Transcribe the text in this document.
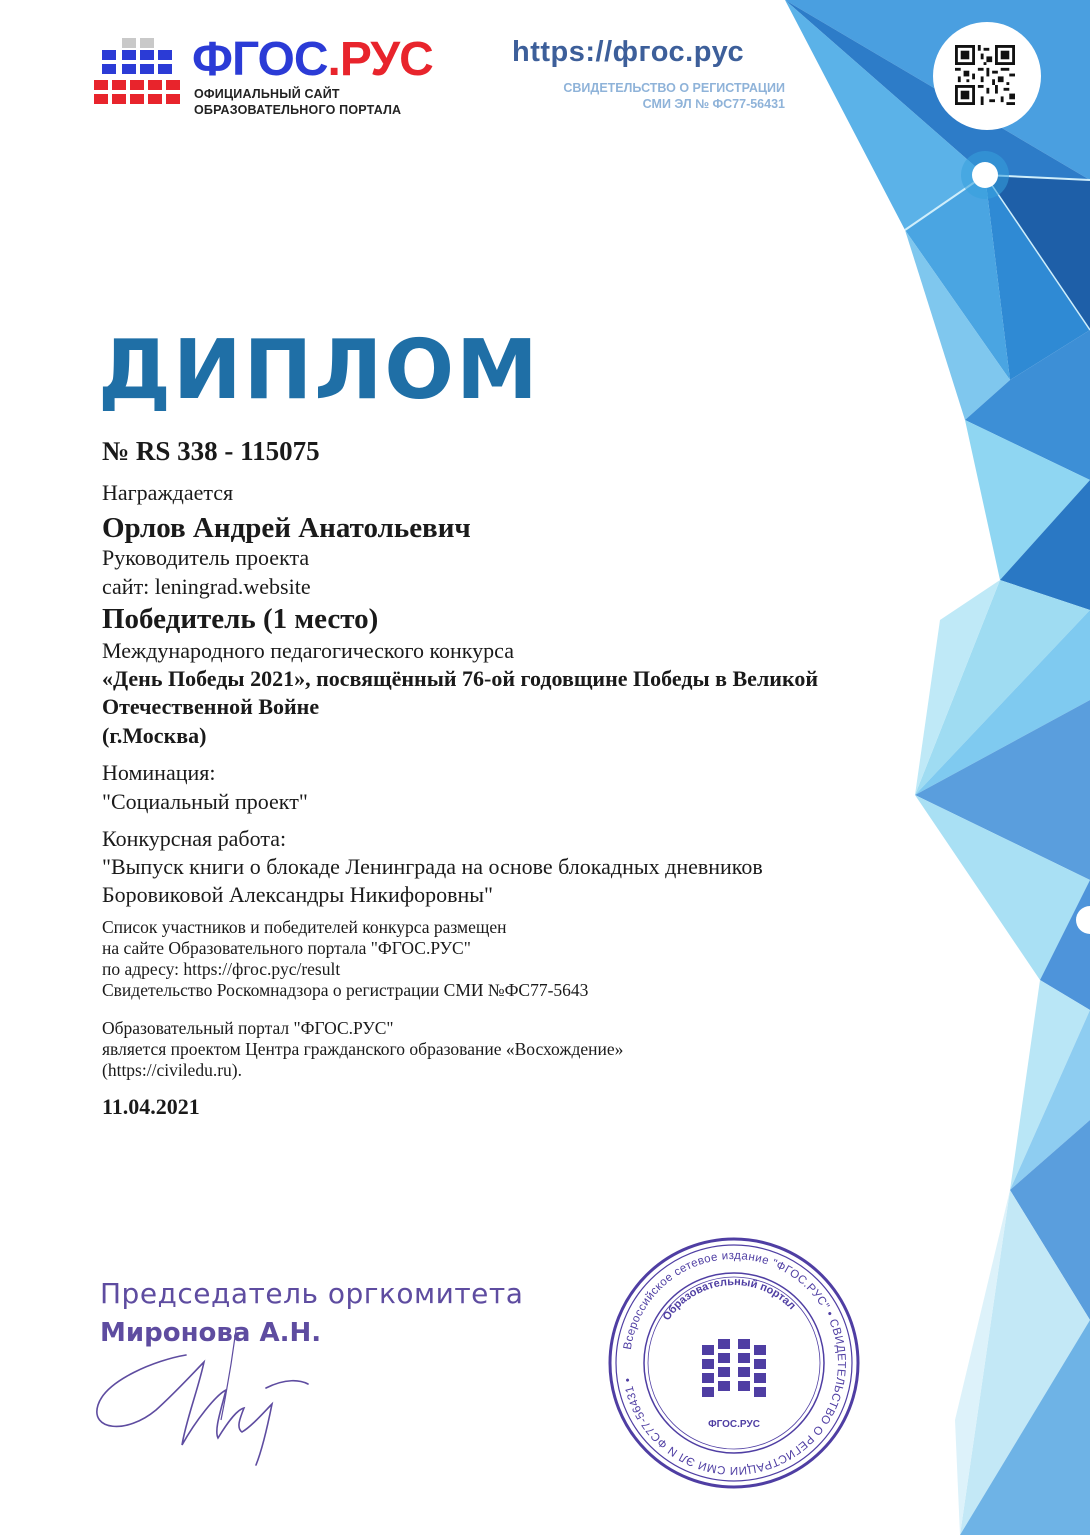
ФГОС.РУС
ОФИЦИАЛЬНЫЙ САЙТ
ОБРАЗОВАТЕЛЬНОГО ПОРТАЛА
https://фгос.рус
СВИДЕТЕЛЬСТВО О РЕГИСТРАЦИИ
СМИ ЭЛ № ФС77-56431
ДИПЛОМ
№ RS 338 - 115075
Награждается
Орлов Андрей Анатольевич
Руководитель проекта
сайт: leningrad.website
Победитель (1 место)
Международного педагогического конкурса
«День Победы 2021», посвящённый 76-ой годовщине Победы в Великой Отечественной Войне
(г.Москва)
Номинация:
"Социальный проект"
Конкурсная работа:
"Выпуск книги о блокаде Ленинграда на основе блокадных дневников Боровиковой Александры Никифоровны"
Список участников и победителей конкурса размещен
на сайте Образовательного портала "ФГОС.РУС"
по адресу: https://фгос.рус/result
Свидетельство Роскомнадзора о регистрации СМИ №ФС77-5643
Образовательный портал "ФГОС.РУС"
является проектом Центра гражданского образование «Восхождение»
(https://civiledu.ru).
11.04.2021
Председатель оргкомитета
Миронова А.Н.	Всероссийское сетевое издание "ФГОС.РУС" • СВИДЕТЕЛЬСТВО О РЕГИСТРАЦИИ СМИ ЭЛ N ФС77-56431 •
Образовательный портал
ФГОС.РУС
